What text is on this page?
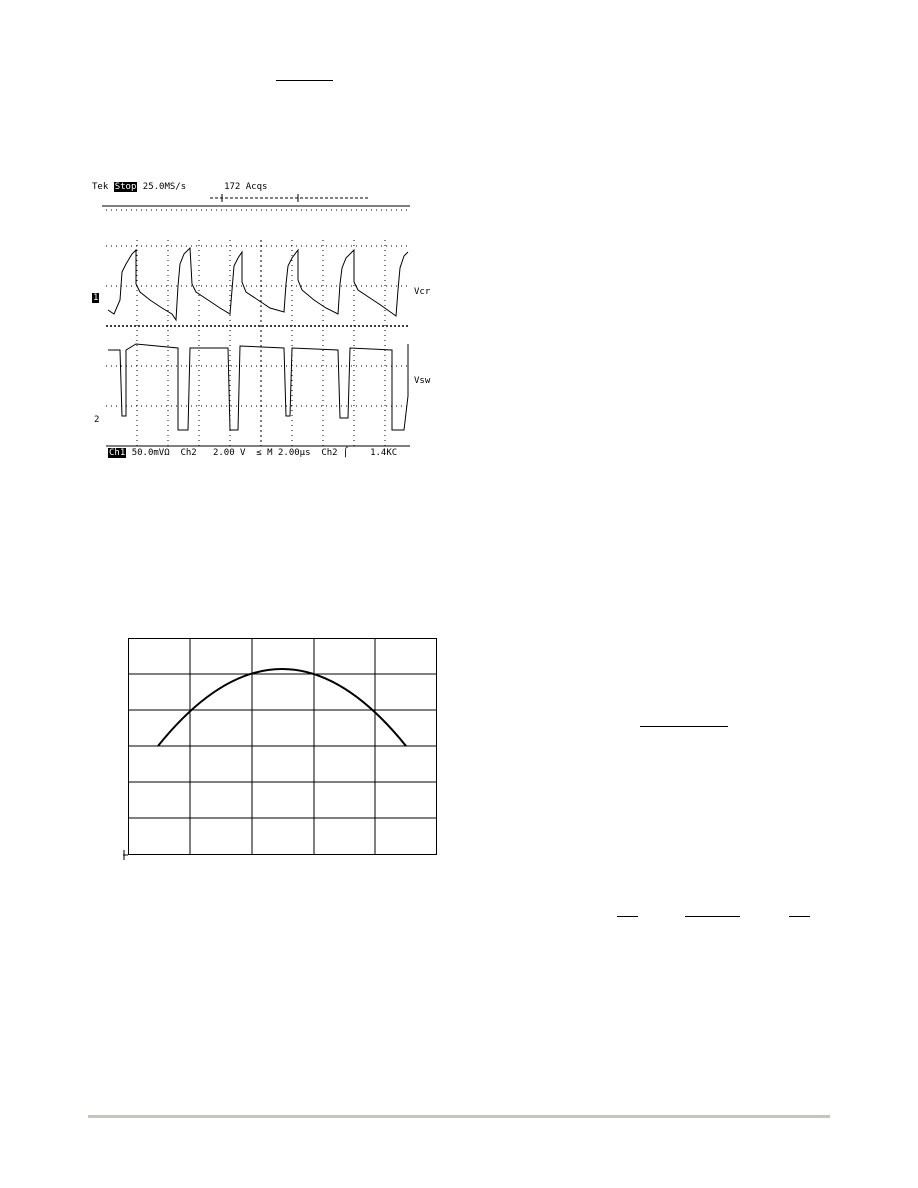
Tek Stop 25.0MS/s	172 Acqs
1
2
Vcr
Vsw
Ch1 50.0mVΩ  Ch2   2.00 V  ≤ M 2.00µs  Ch2 ⌠    1.4KC
